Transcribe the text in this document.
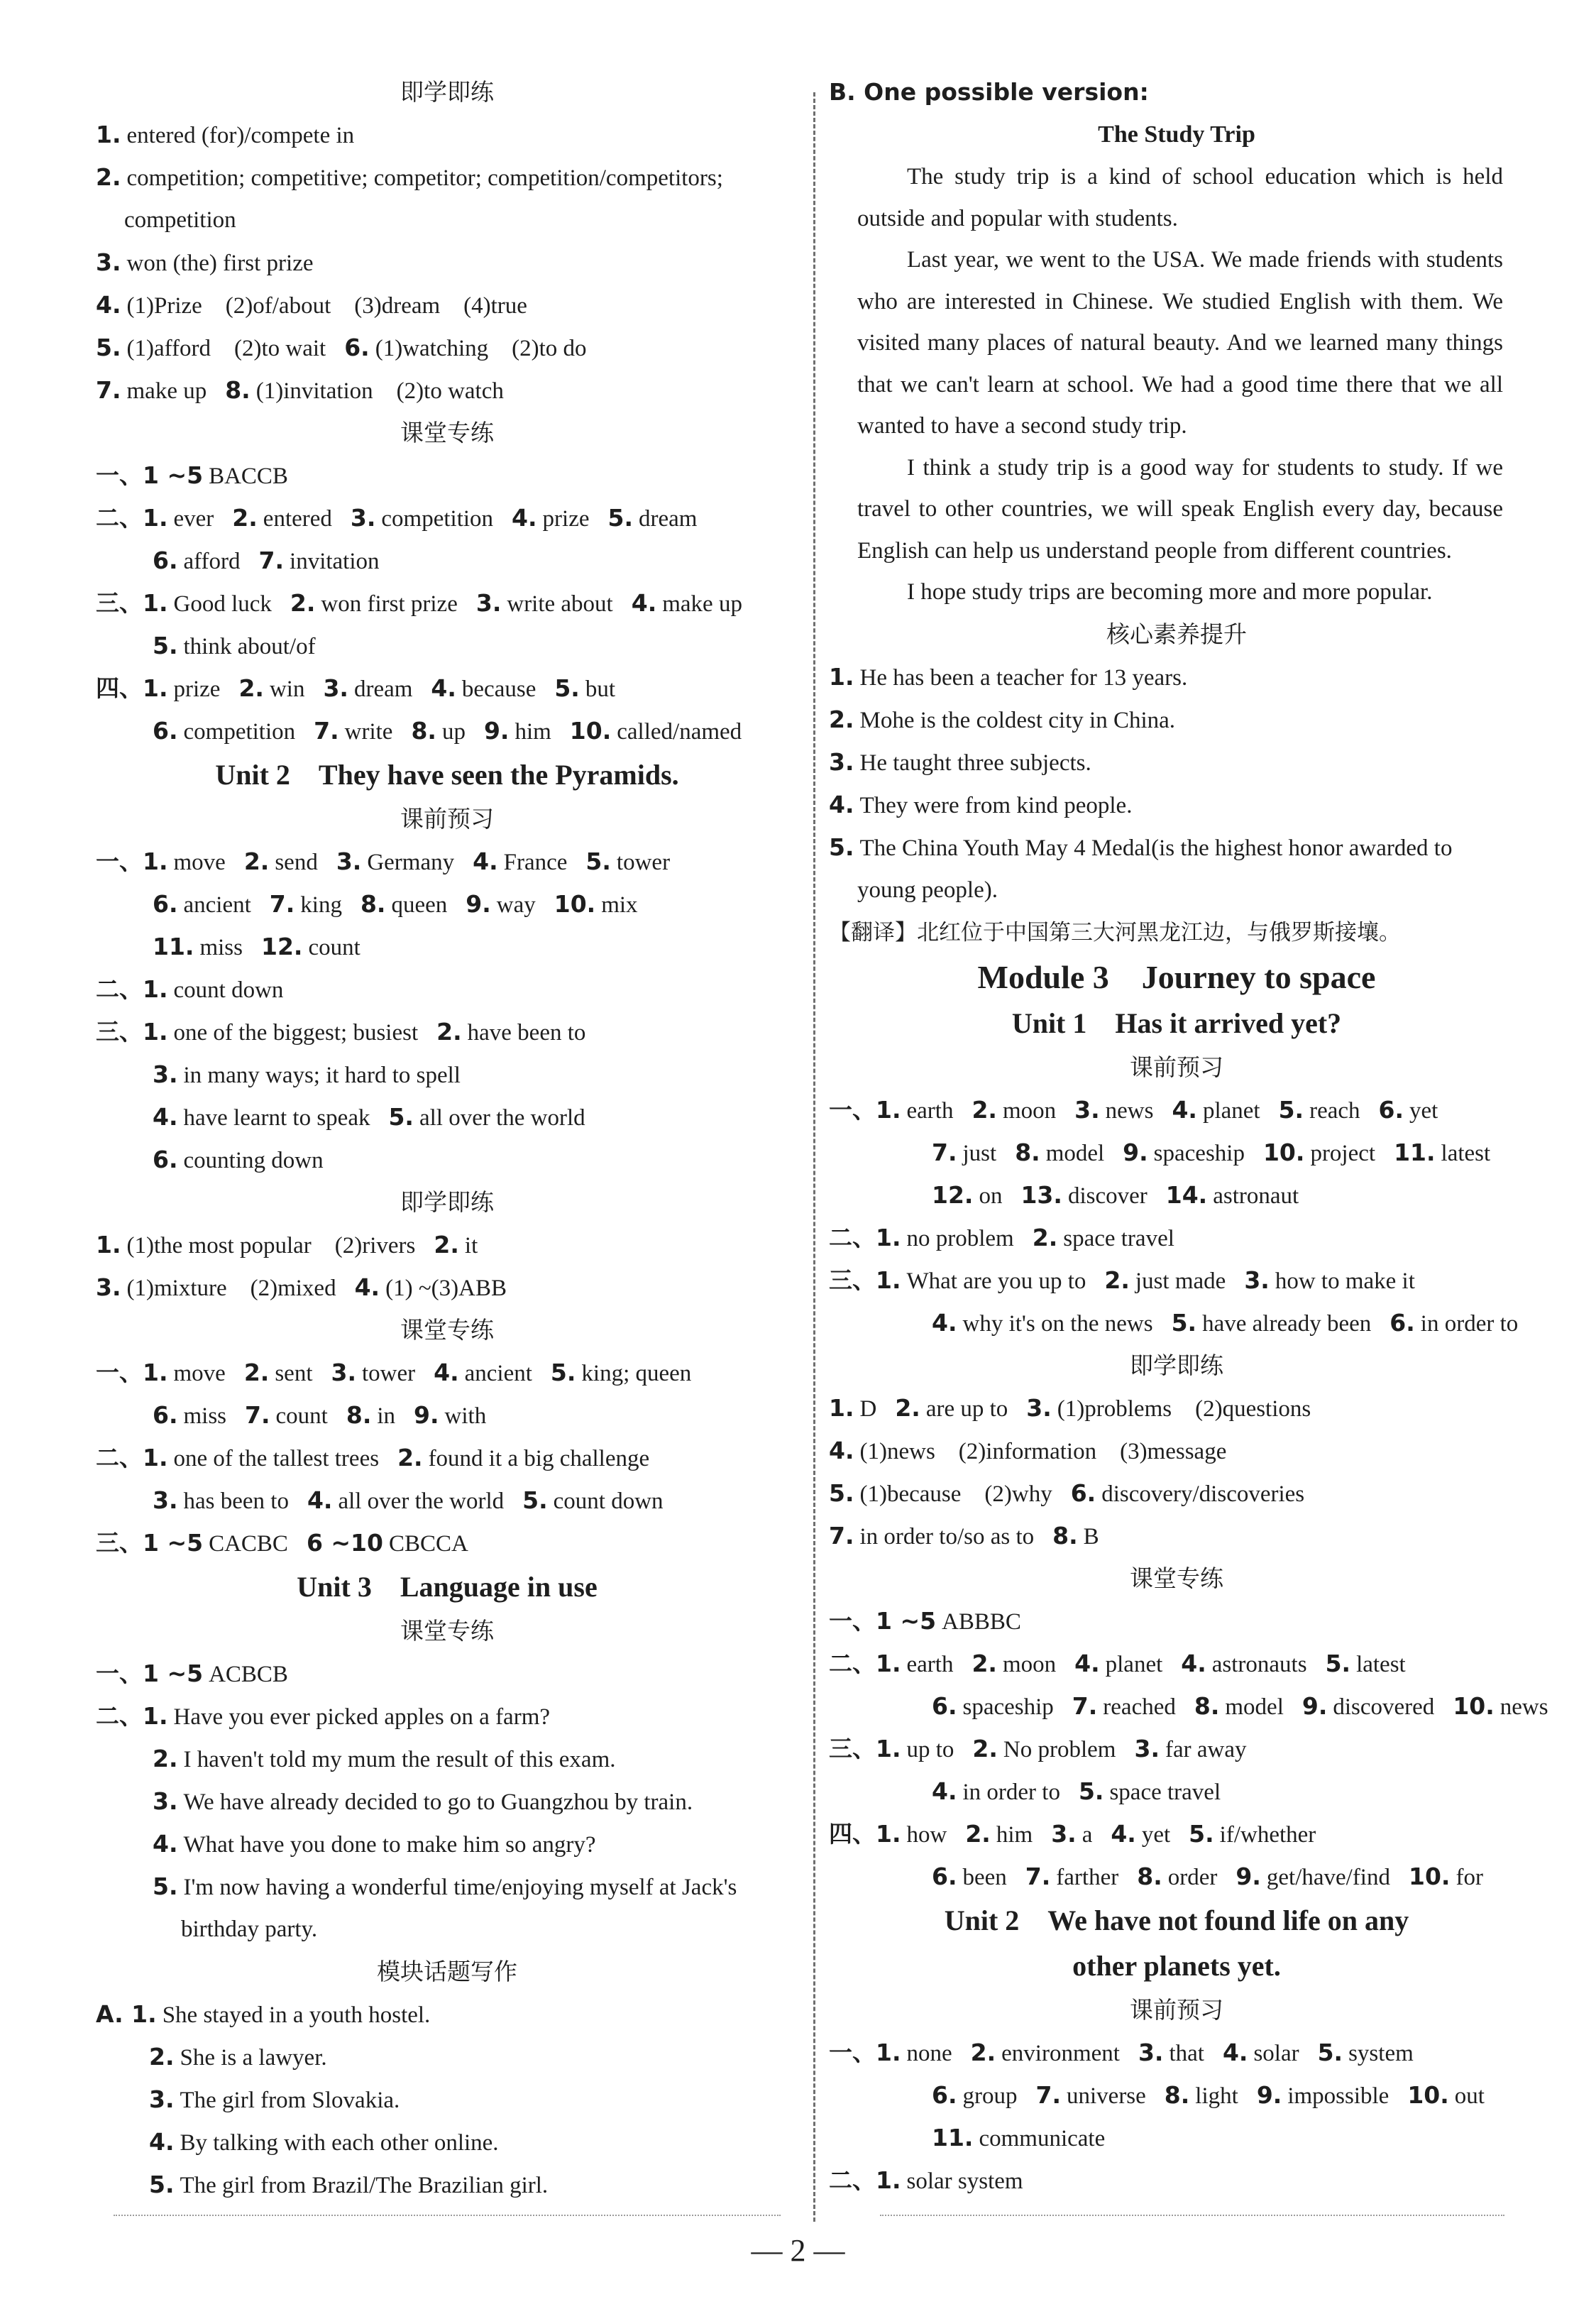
即学即练
1. entered (for)/compete in
2. competition; competitive; competitor; competition/competitors;
competition
3. won (the) first prize
4. (1)Prize　(2)of/about　(3)dream　(4)true
5. (1)afford　(2)to wait 6. (1)watching　(2)to do
7. make up 8. (1)invitation　(2)to watch
课堂专练
一、1 ~5 BACCB
二、1. ever 2. entered 3. competition 4. prize 5. dream
6. afford 7. invitation
三、1. Good luck 2. won first prize 3. write about 4. make up
5. think about/of
四、1. prize 2. win 3. dream 4. because 5. but
6. competition 7. write 8. up 9. him 10. called/named
Unit 2　They have seen the Pyramids.
课前预习
一、1. move 2. send 3. Germany 4. France 5. tower
6. ancient 7. king 8. queen 9. way 10. mix
11. miss 12. count
二、1. count down
三、1. one of the biggest; busiest 2. have been to
3. in many ways; it hard to spell
4. have learnt to speak 5. all over the world
6. counting down
即学即练
1. (1)the most popular　(2)rivers 2. it
3. (1)mixture　(2)mixed 4. (1) ~(3)ABB
课堂专练
一、1. move 2. sent 3. tower 4. ancient 5. king; queen
6. miss 7. count 8. in 9. with
二、1. one of the tallest trees 2. found it a big challenge
3. has been to 4. all over the world 5. count down
三、1 ~5 CACBC 6 ~10 CBCCA
Unit 3　Language in use
课堂专练
一、1 ~5 ACBCB
二、1. Have you ever picked apples on a farm?
2. I haven't told my mum the result of this exam.
3. We have already decided to go to Guangzhou by train.
4. What have you done to make him so angry?
5. I'm now having a wonderful time/enjoying myself at Jack's
birthday party.
模块话题写作
A. 1. She stayed in a youth hostel.
2. She is a lawyer.
3. The girl from Slovakia.
4. By talking with each other online.
5. The girl from Brazil/The Brazilian girl.
B. One possible version:
The Study Trip
The study trip is a kind of school education which is held outside and popular with students.
Last year, we went to the USA. We made friends with students who are interested in Chinese. We studied English with them. We visited many places of natural beauty. And we learned many things that we can't learn at school. We had a good time there that we all wanted to have a second study trip.
I think a study trip is a good way for students to study. If we travel to other countries, we will speak English every day, because English can help us understand people from different countries.
I hope study trips are becoming more and more popular.
核心素养提升
1. He has been a teacher for 13 years.
2. Mohe is the coldest city in China.
3. He taught three subjects.
4. They were from kind people.
5. The China Youth May 4 Medal(is the highest honor awarded to
young people).
【翻译】北红位于中国第三大河黑龙江边，与俄罗斯接壤。
Module 3　Journey to space
Unit 1　Has it arrived yet?
课前预习
一、1. earth 2. moon 3. news 4. planet 5. reach 6. yet
7. just 8. model 9. spaceship 10. project 11. latest
12. on 13. discover 14. astronaut
二、1. no problem 2. space travel
三、1. What are you up to 2. just made 3. how to make it
4. why it's on the news 5. have already been 6. in order to
即学即练
1. D 2. are up to 3. (1)problems　(2)questions
4. (1)news　(2)information　(3)message
5. (1)because　(2)why 6. discovery/discoveries
7. in order to/so as to 8. B
课堂专练
一、1 ~5 ABBBC
二、1. earth 2. moon 4. planet 4. astronauts 5. latest
6. spaceship 7. reached 8. model 9. discovered 10. news
三、1. up to 2. No problem 3. far away
4. in order to 5. space travel
四、1. how 2. him 3. a 4. yet 5. if/whether
6. been 7. farther 8. order 9. get/have/find 10. for
Unit 2　We have not found life on any
other planets yet.
课前预习
一、1. none 2. environment 3. that 4. solar 5. system
6. group 7. universe 8. light 9. impossible 10. out
11. communicate
二、1. solar system
— 2 —
